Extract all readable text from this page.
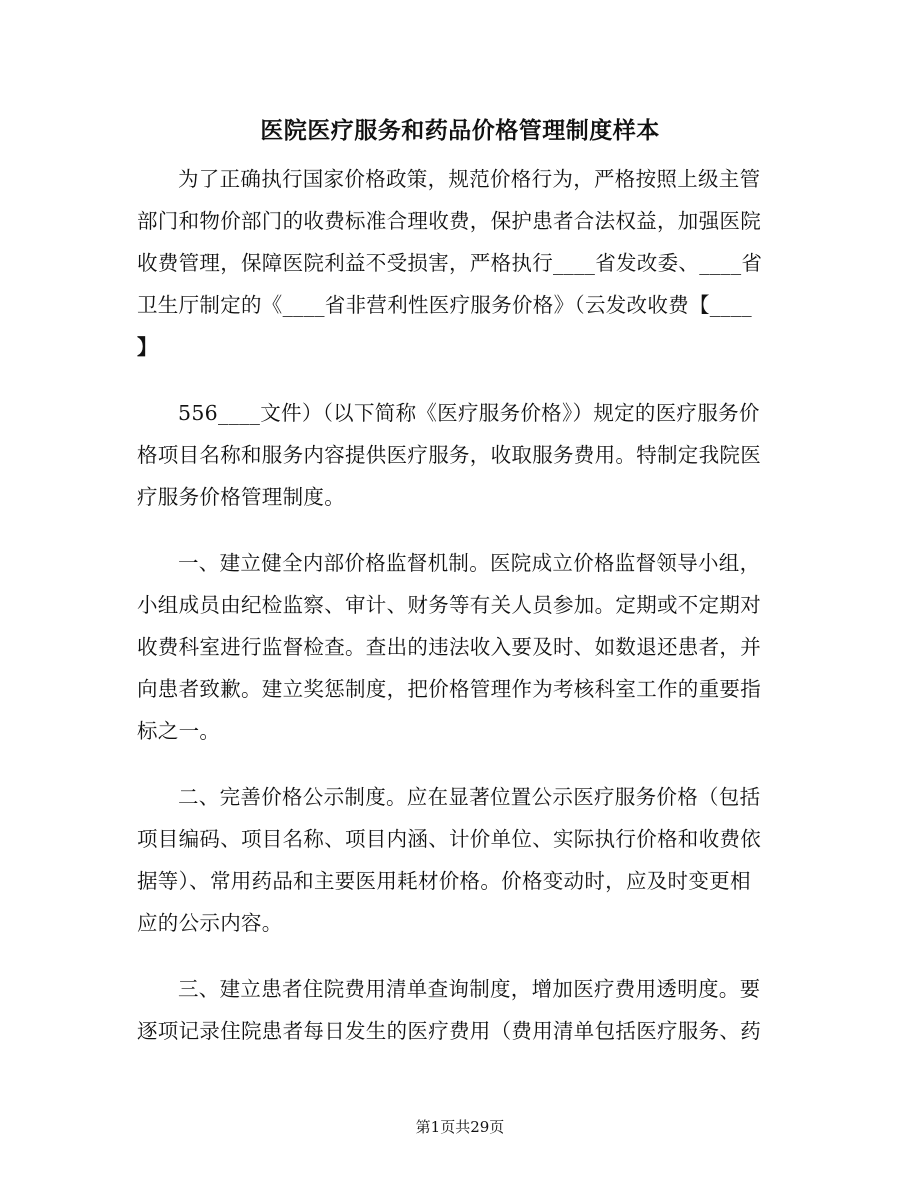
医院医疗服务和药品价格管理制度样本
为了正确执行国家价格政策，规范价格行为，严格按照上级主管
部门和物价部门的收费标准合理收费，保护患者合法权益，加强医院
收费管理，保障医院利益不受损害，严格执行____省发改委、____省
卫生厅制定的《____省非营利性医疗服务价格》（云发改收费【____
】
556____文件）（以下简称《医疗服务价格》）规定的医疗服务价
格项目名称和服务内容提供医疗服务，收取服务费用。特制定我院医
疗服务价格管理制度。
一、建立健全内部价格监督机制。医院成立价格监督领导小组，
小组成员由纪检监察、审计、财务等有关人员参加。定期或不定期对
收费科室进行监督检查。查出的违法收入要及时、如数退还患者，并
向患者致歉。建立奖惩制度，把价格管理作为考核科室工作的重要指
标之一。
二、完善价格公示制度。应在显著位置公示医疗服务价格（包括
项目编码、项目名称、项目内涵、计价单位、实际执行价格和收费依
据等）、常用药品和主要医用耗材价格。价格变动时，应及时变更相
应的公示内容。
三、建立患者住院费用清单查询制度，增加医疗费用透明度。要
逐项记录住院患者每日发生的医疗费用（费用清单包括医疗服务、药
第1页共29页
